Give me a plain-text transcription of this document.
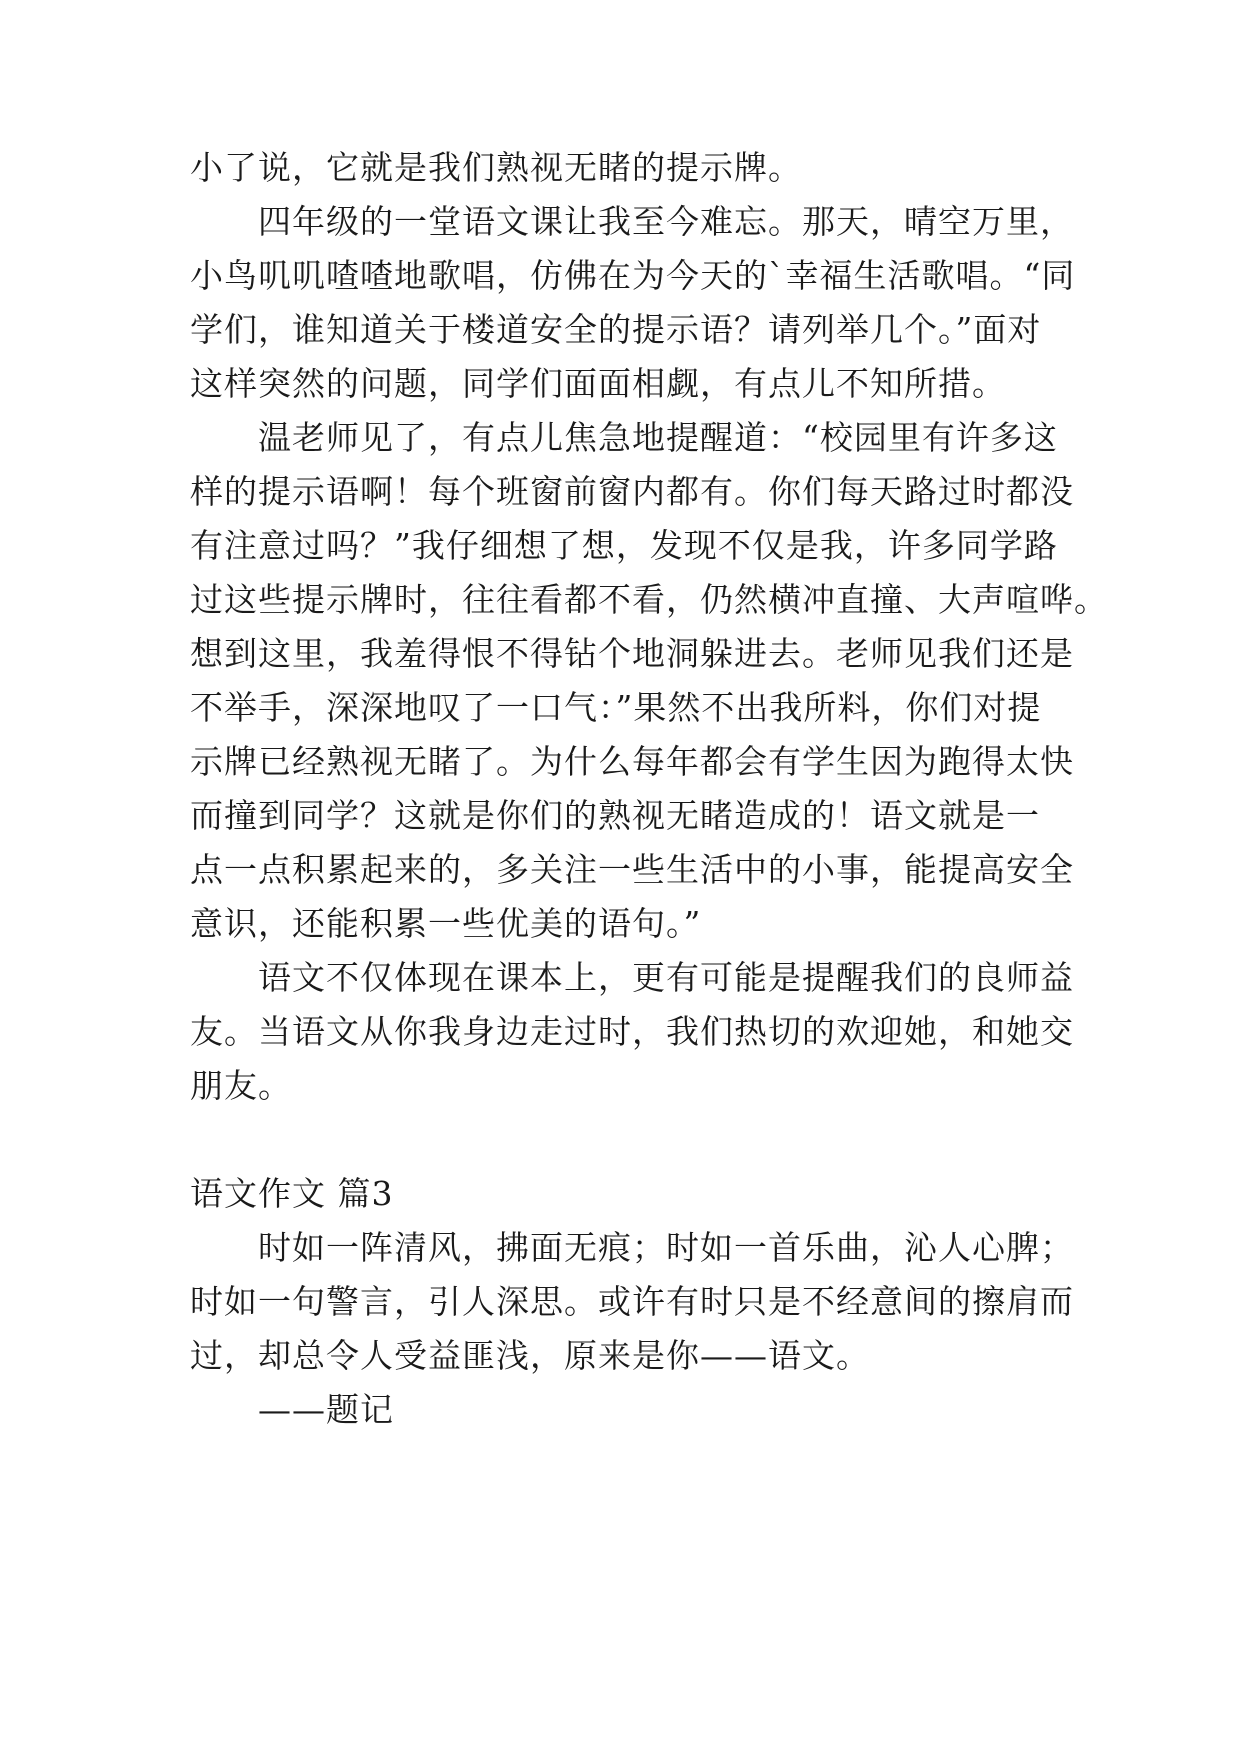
小了说，它就是我们熟视无睹的提示牌。
四年级的一堂语文课让我至今难忘。那天，晴空万里，
小鸟叽叽喳喳地歌唱，仿佛在为今天的`幸福生活歌唱。“同
学们，谁知道关于楼道安全的提示语？请列举几个。”面对
这样突然的问题，同学们面面相觑，有点儿不知所措。
温老师见了，有点儿焦急地提醒道：“校园里有许多这
样的提示语啊！每个班窗前窗内都有。你们每天路过时都没
有注意过吗？”我仔细想了想，发现不仅是我，许多同学路
过这些提示牌时，往往看都不看，仍然横冲直撞、大声喧哗。
想到这里，我羞得恨不得钻个地洞躲进去。老师见我们还是
不举手，深深地叹了一口气：”果然不出我所料，你们对提
示牌已经熟视无睹了。为什么每年都会有学生因为跑得太快
而撞到同学？这就是你们的熟视无睹造成的！语文就是一
点一点积累起来的，多关注一些生活中的小事，能提高安全
意识，还能积累一些优美的语句。”
语文不仅体现在课本上，更有可能是提醒我们的良师益
友。当语文从你我身边走过时，我们热切的欢迎她，和她交
朋友。
语文作文 篇3
时如一阵清风，拂面无痕；时如一首乐曲，沁人心脾；
时如一句警言，引人深思。或许有时只是不经意间的擦肩而
过，却总令人受益匪浅，原来是你——语文。
——题记
